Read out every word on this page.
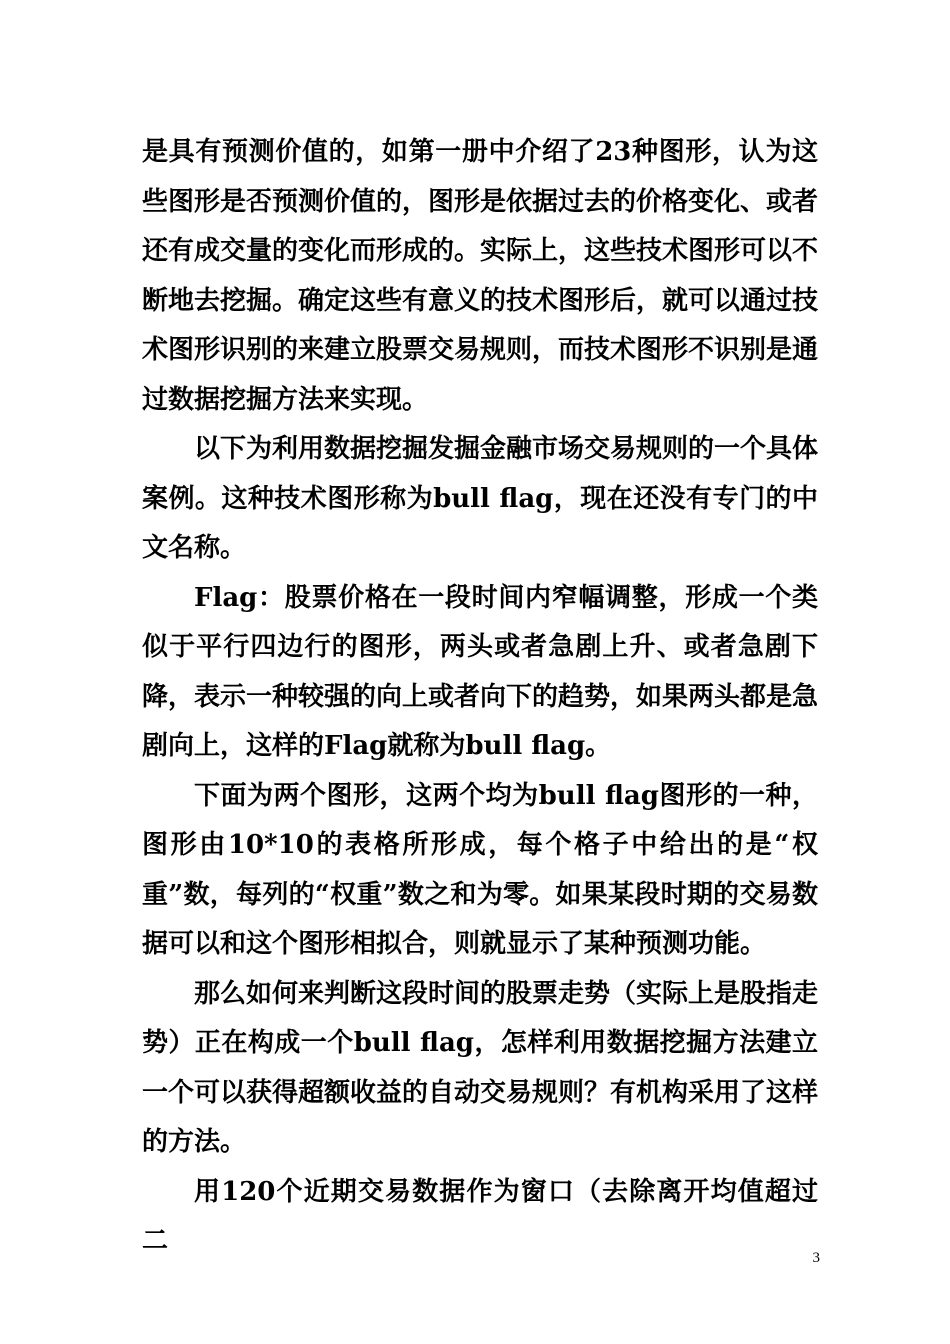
是具有预测价值的，如第一册中介绍了23种图形，认为这些图形是否预测价值的，图形是依据过去的价格变化、或者还有成交量的变化而形成的。实际上，这些技术图形可以不断地去挖掘。确定这些有意义的技术图形后，就可以通过技术图形识别的来建立股票交易规则，而技术图形不识别是通过数据挖掘方法来实现。

以下为利用数据挖掘发掘金融市场交易规则的一个具体案例。这种技术图形称为bull flag，现在还没有专门的中文名称。

Flag：股票价格在一段时间内窄幅调整，形成一个类似于平行四边行的图形，两头或者急剧上升、或者急剧下降，表示一种较强的向上或者向下的趋势，如果两头都是急剧向上，这样的Flag就称为bull flag。

下面为两个图形，这两个均为bull flag图形的一种，图形由10*10的表格所形成，每个格子中给出的是“权重”数，每列的“权重”数之和为零。如果某段时期的交易数据可以和这个图形相拟合，则就显示了某种预测功能。

那么如何来判断这段时间的股票走势（实际上是股指走势）正在构成一个bull flag，怎样利用数据挖掘方法建立一个可以获得超额收益的自动交易规则？有机构采用了这样的方法。

用120个近期交易数据作为窗口（去除离开均值超过二

3
